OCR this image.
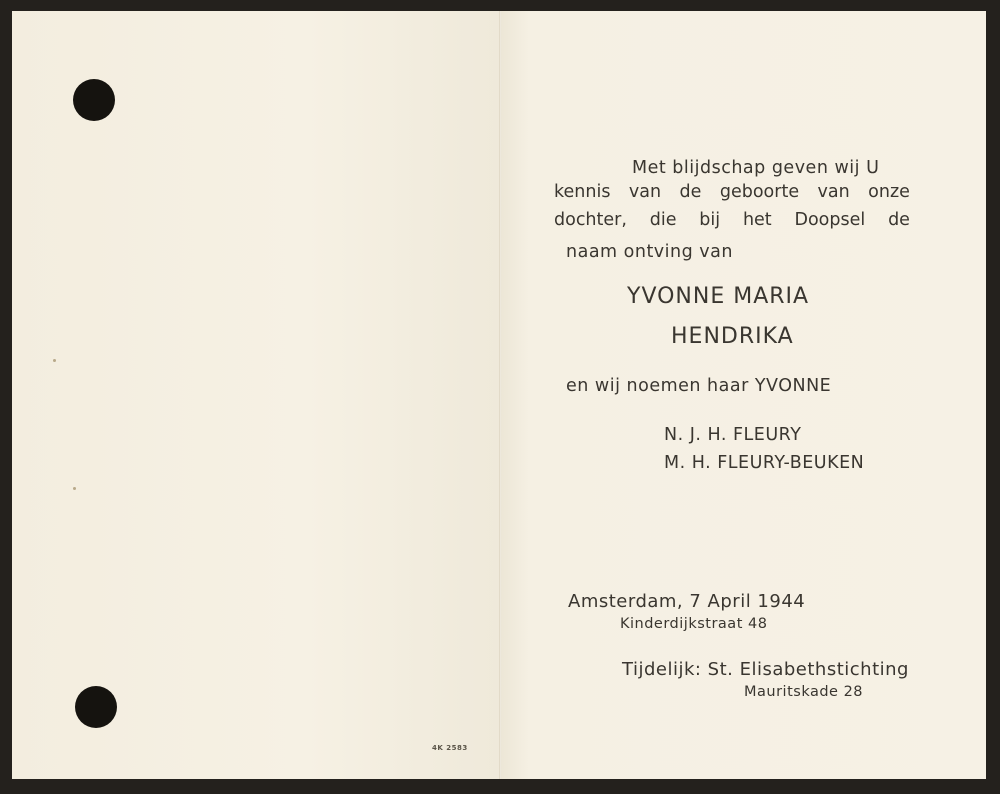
Met blijdschap geven wij U
kennis van de geboorte van onze
dochter, die bij het Doopsel de
naam ontving van
YVONNE MARIA
HENDRIKA
en wij noemen haar YVONNE
N. J. H. FLEURY
M. H. FLEURY-BEUKEN
Amsterdam, 7 April 1944
Kinderdijkstraat 48
Tijdelijk: St. Elisabethstichting
Mauritskade 28
4K 2583
